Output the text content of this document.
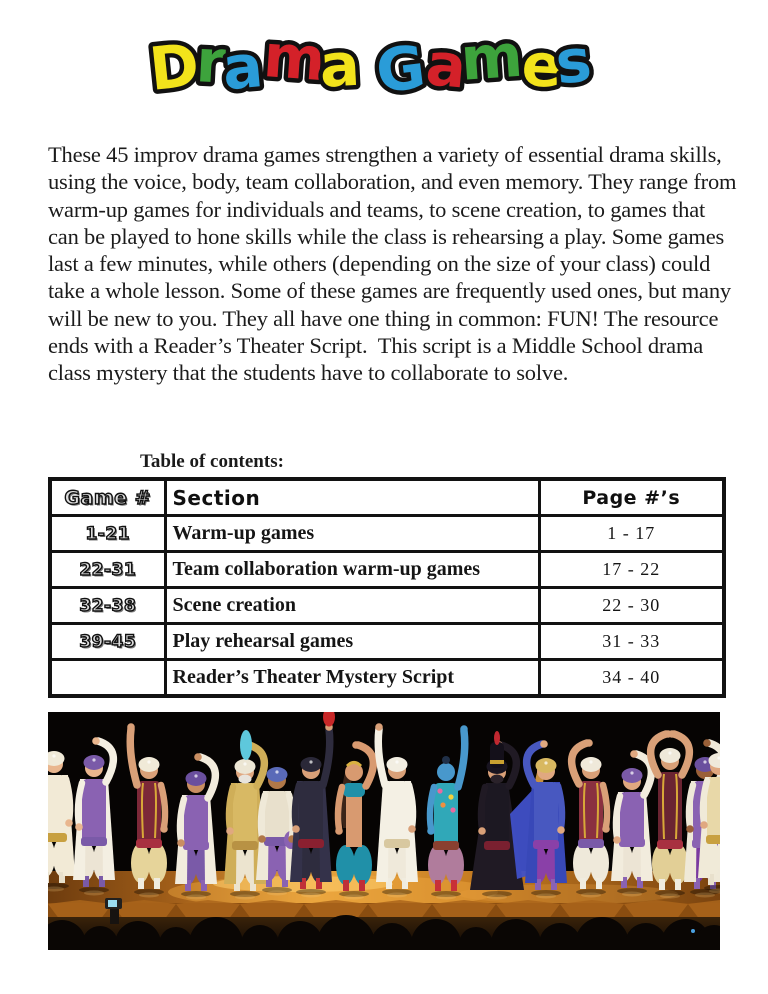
D
r
a
m
a G
a
m
e
s
These 45 improv drama games strengthen a variety of essential drama skills, using the voice, body, team collaboration, and even memory. They range from warm-up games for individuals and teams, to scene creation, to games that can be played to hone skills while the class is rehearsing a play. Some games last a few minutes, while others (depending on the size of your class) could take a whole lesson. Some of these games are frequently used ones, but many will be new to you. They all have one thing in common: FUN! The resource ends with a Reader’s Theater Script.  This script is a Middle School drama class mystery that the students have to collaborate to solve.
Table of contents:
Game #	Section	Page #’s
1-21	Warm-up games	1 - 17
22-31	Team collaboration warm-up games	17 - 22
32-38	Scene creation	22 - 30
39-45	Play rehearsal games	31 - 33
	Reader’s Theater Mystery Script	34 - 40
